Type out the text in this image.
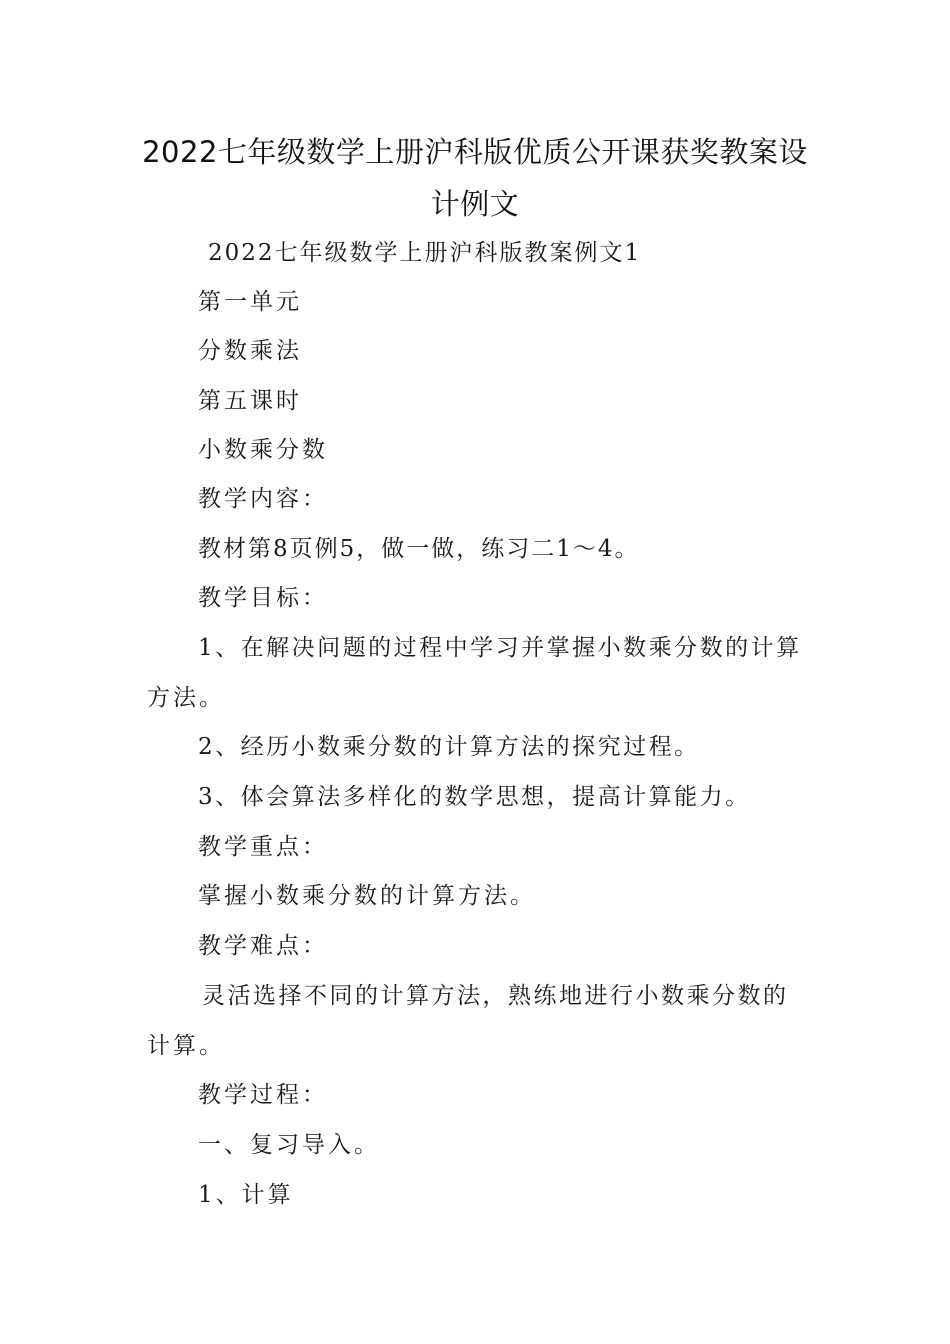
2022七年级数学上册沪科版优质公开课获奖教案设
计例文
2022七年级数学上册沪科版教案例文1
第一单元
分数乘法
第五课时
小数乘分数
教学内容：
教材第8页例5，做一做，练习二1～4。
教学目标：
1、在解决问题的过程中学习并掌握小数乘分数的计算
方法。
2、经历小数乘分数的计算方法的探究过程。
3、体会算法多样化的数学思想，提高计算能力。
教学重点：
掌握小数乘分数的计算方法。
教学难点：
灵活选择不同的计算方法，熟练地进行小数乘分数的
计算。
教学过程：
一、复习导入。
1、计算
